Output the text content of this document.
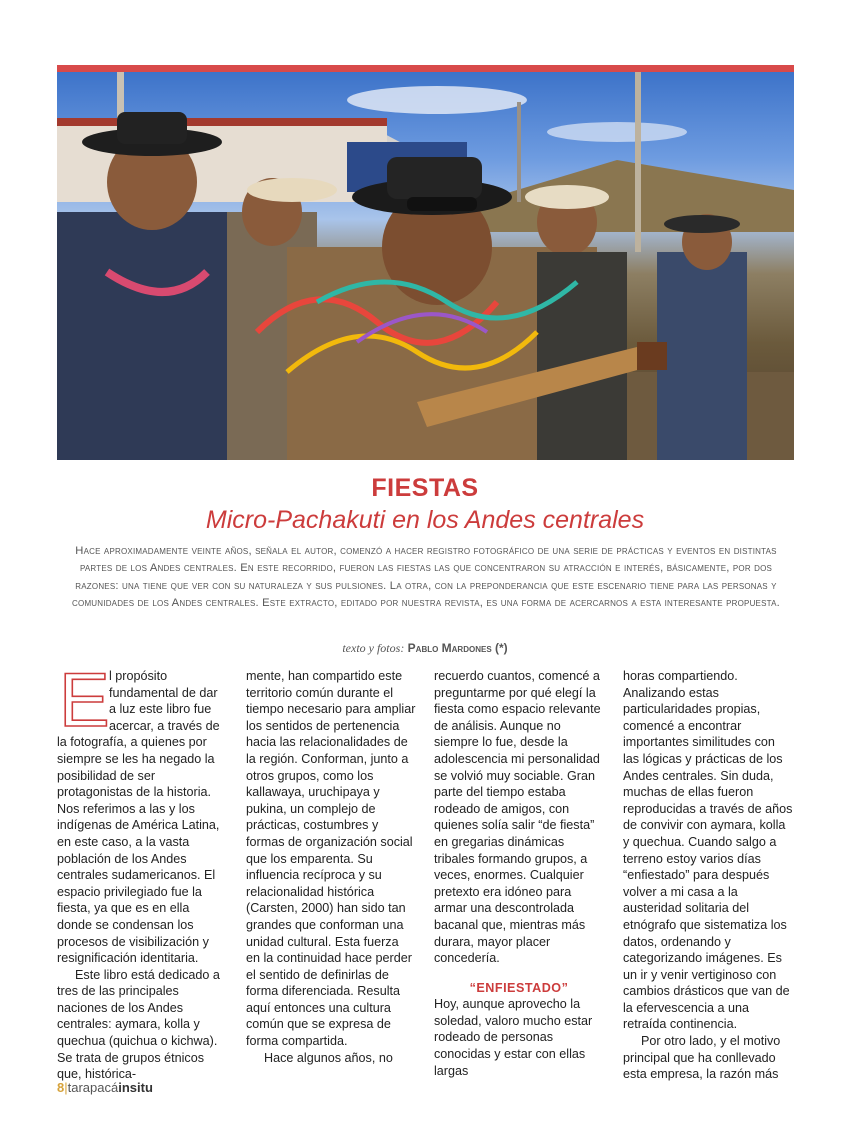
FIESTAS
Micro-Pachakuti en los Andes centrales
Hace aproximadamente veinte años, señala el autor, comenzó a hacer registro fotográfico de una serie de prácticas y eventos en distintas partes de los Andes centrales. En este recorrido, fueron las fiestas las que concentraron su atracción e interés, básicamente, por dos razones: una tiene que ver con su naturaleza y sus pulsiones. La otra, con la preponderancia que este escenario tiene para las personas y comunidades de los Andes centrales. Este extracto, editado por nuestra revista, es una forma de acercarnos a esta interesante propuesta.
texto y fotos: Pablo Mardones (*)
E l propósito fundamental de dar a luz este libro fue acercar, a través de la fotografía, a quienes por siempre se les ha negado la posibilidad de ser protagonistas de la historia. Nos referimos a las y los indígenas de América Latina, en este caso, a la vasta población de los Andes centrales sudamericanos. El espacio privilegiado fue la fiesta, ya que es en ella donde se condensan los procesos de visibilización y resignificación identitaria.

Este libro está dedicado a tres de las principales naciones de los Andes centrales: aymara, kolla y quechua (quichua o kichwa). Se trata de grupos étnicos que, histórica-

mente, han compartido este territorio común durante el tiempo necesario para ampliar los sentidos de pertenencia hacia las relacionalidades de la región. Conforman, junto a otros grupos, como los kallawaya, uruchipaya y pukina, un complejo de prácticas, costumbres y formas de organización social que los emparenta. Su influencia recíproca y su relacionalidad histórica (Carsten, 2000) han sido tan grandes que conforman una unidad cultural. Esta fuerza en la continuidad hace perder el sentido de definirlas de forma diferenciada. Resulta aquí entonces una cultura común que se expresa de forma compartida.

Hace algunos años, no

recuerdo cuantos, comencé a preguntarme por qué elegí la fiesta como espacio relevante de análisis. Aunque no siempre lo fue, desde la adolescencia mi personalidad se volvió muy sociable. Gran parte del tiempo estaba rodeado de amigos, con quienes solía salir “de fiesta” en gregarias dinámicas tribales formando grupos, a veces, enormes. Cualquier pretexto era idóneo para armar una descontrolada bacanal que, mientras más durara, mayor placer concedería.

“ENFIESTADO”

Hoy, aunque aprovecho la soledad, valoro mucho estar rodeado de personas conocidas y estar con ellas largas

horas compartiendo. Analizando estas particularidades propias, comencé a encontrar importantes similitudes con las lógicas y prácticas de los Andes centrales. Sin duda, muchas de ellas fueron reproducidas a través de años de convivir con aymara, kolla y quechua. Cuando salgo a terreno estoy varios días “enfiestado” para después volver a mi casa a la austeridad solitaria del etnógrafo que sistematiza los datos, ordenando y categorizando imágenes. Es un ir y venir vertiginoso con cambios drásticos que van de la efervescencia a una retraída continencia.

Por otro lado, y el motivo principal que ha conllevado esta empresa, la razón más

8|tarapacáinsitu
